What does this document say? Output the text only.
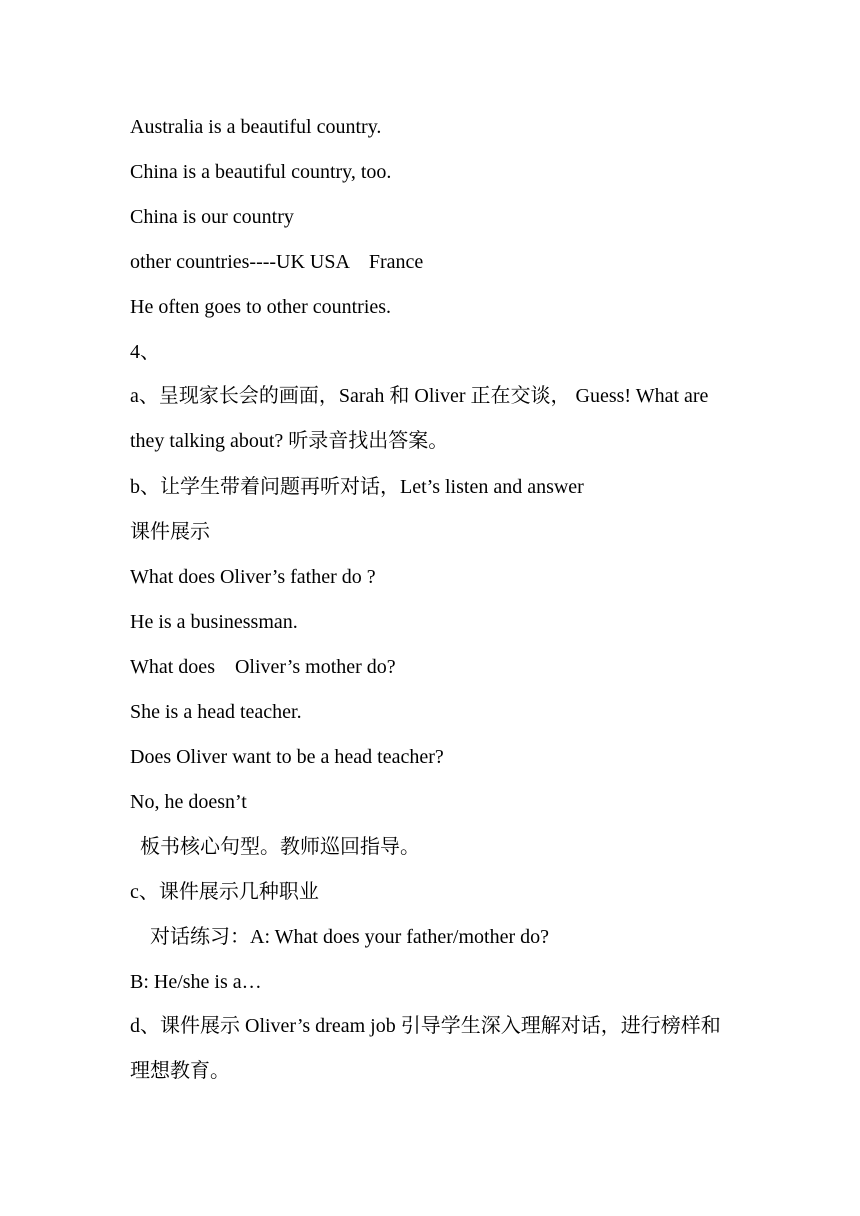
Australia is a beautiful country.
China is a beautiful country, too.
China is our country
other countries----UK USA    France
He often goes to other countries.
4、
a、呈现家长会的画面，Sarah 和 Oliver 正在交谈， Guess! What are they talking about? 听录音找出答案。
b、让学生带着问题再听对话，Let’s listen and answer
课件展示
What does Oliver’s father do ?
He is a businessman.
What does    Oliver’s mother do?
She is a head teacher.
Does Oliver want to be a head teacher?
No, he doesn’t
板书核心句型。教师巡回指导。
c、课件展示几种职业
对话练习：A: What does your father/mother do?
B: He/she is a…
d、课件展示 Oliver’s dream job 引导学生深入理解对话，进行榜样和理想教育。
